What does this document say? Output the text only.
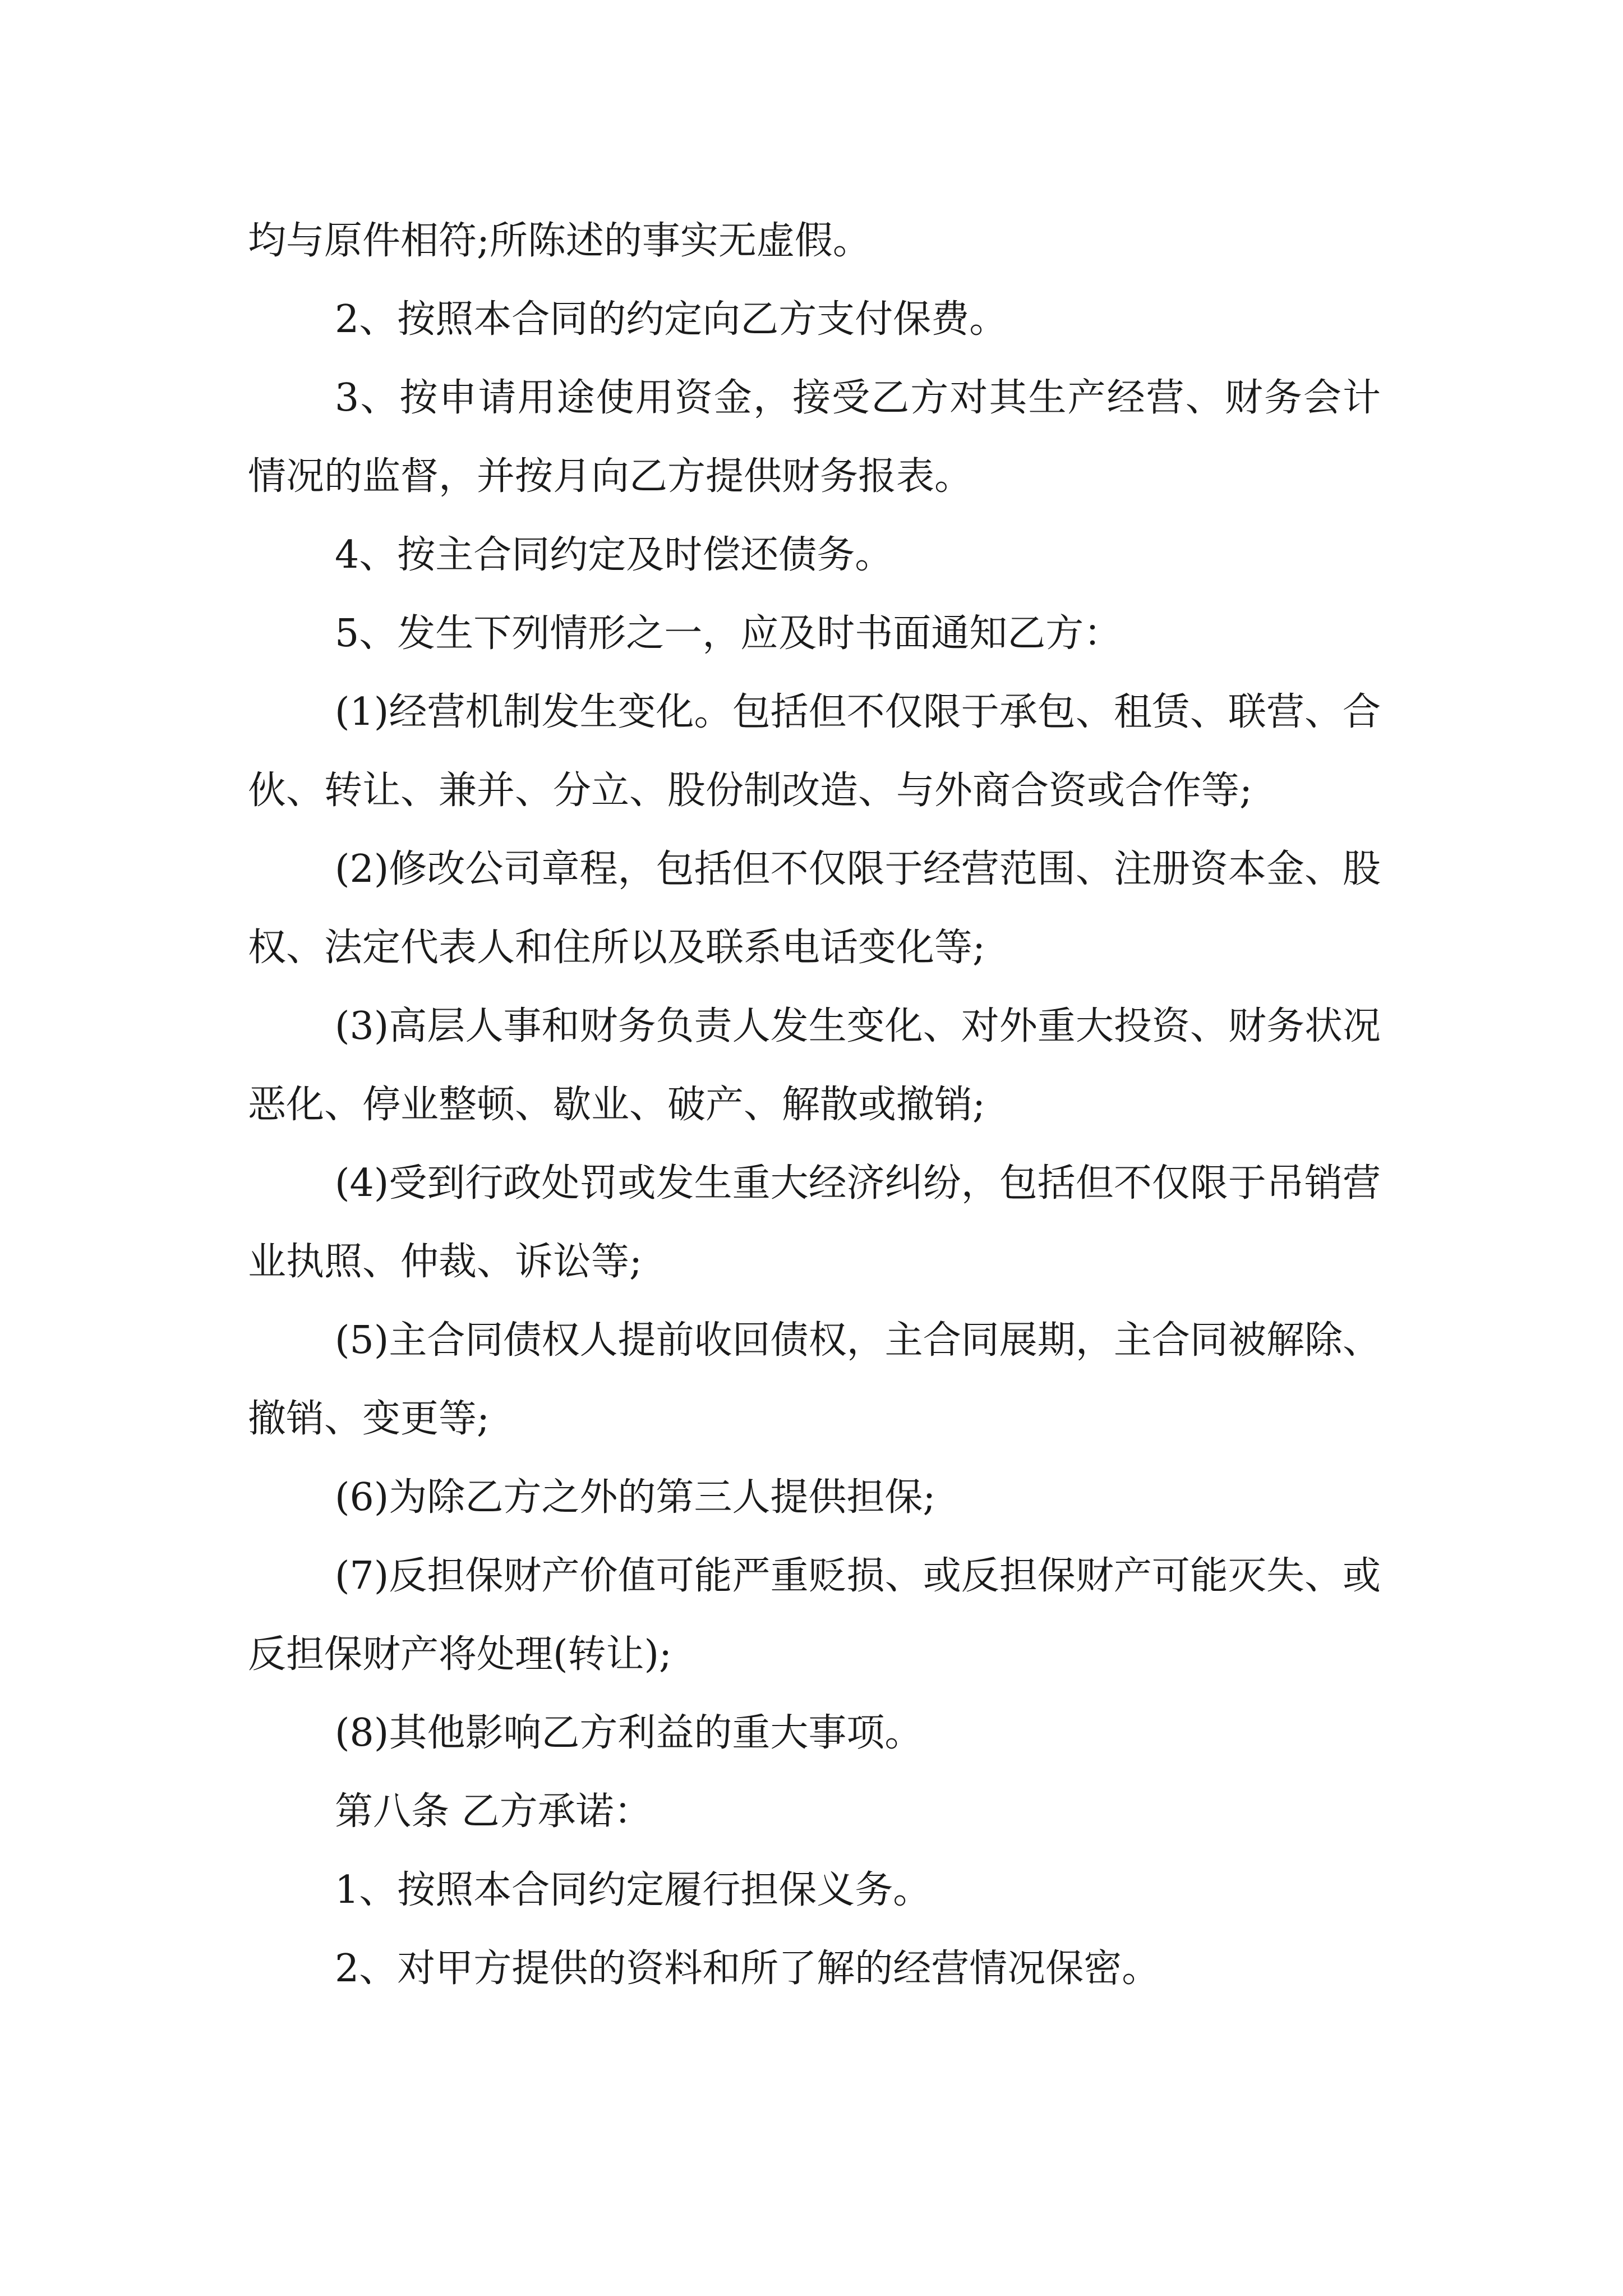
均与原件相符;所陈述的事实无虚假。

2、按照本合同的约定向乙方支付保费。

3、按申请用途使用资金，接受乙方对其生产经营、财务会计情况的监督，并按月向乙方提供财务报表。

4、按主合同约定及时偿还债务。

5、发生下列情形之一，应及时书面通知乙方：

(1)经营机制发生变化。包括但不仅限于承包、租赁、联营、合伙、转让、兼并、分立、股份制改造、与外商合资或合作等;

(2)修改公司章程，包括但不仅限于经营范围、注册资本金、股权、法定代表人和住所以及联系电话变化等;

(3)高层人事和财务负责人发生变化、对外重大投资、财务状况恶化、停业整顿、歇业、破产、解散或撤销;

(4)受到行政处罚或发生重大经济纠纷，包括但不仅限于吊销营业执照、仲裁、诉讼等;

(5)主合同债权人提前收回债权，主合同展期，主合同被解除、撤销、变更等;

(6)为除乙方之外的第三人提供担保;

(7)反担保财产价值可能严重贬损、或反担保财产可能灭失、或反担保财产将处理(转让);

(8)其他影响乙方利益的重大事项。

第八条 乙方承诺：

1、按照本合同约定履行担保义务。

2、对甲方提供的资料和所了解的经营情况保密。
